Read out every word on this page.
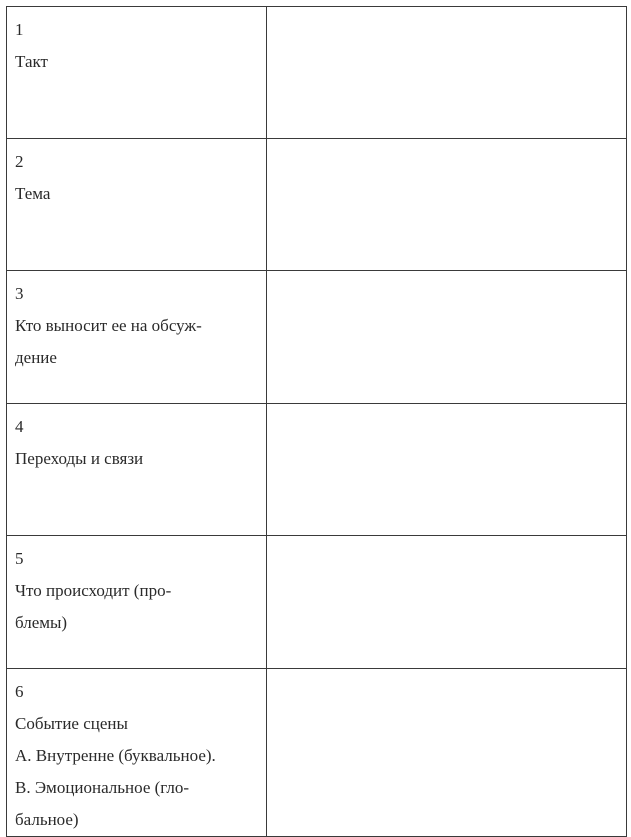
1
Такт	

2
Тема	

3
Кто выносит ее на обсуж-
дение	

4
Переходы и связи	

5
Что происходит (про-
блемы)	

6
Событие сцены
А. Внутренне (буквальное).
В. Эмоциональное (гло-
бальное)	
